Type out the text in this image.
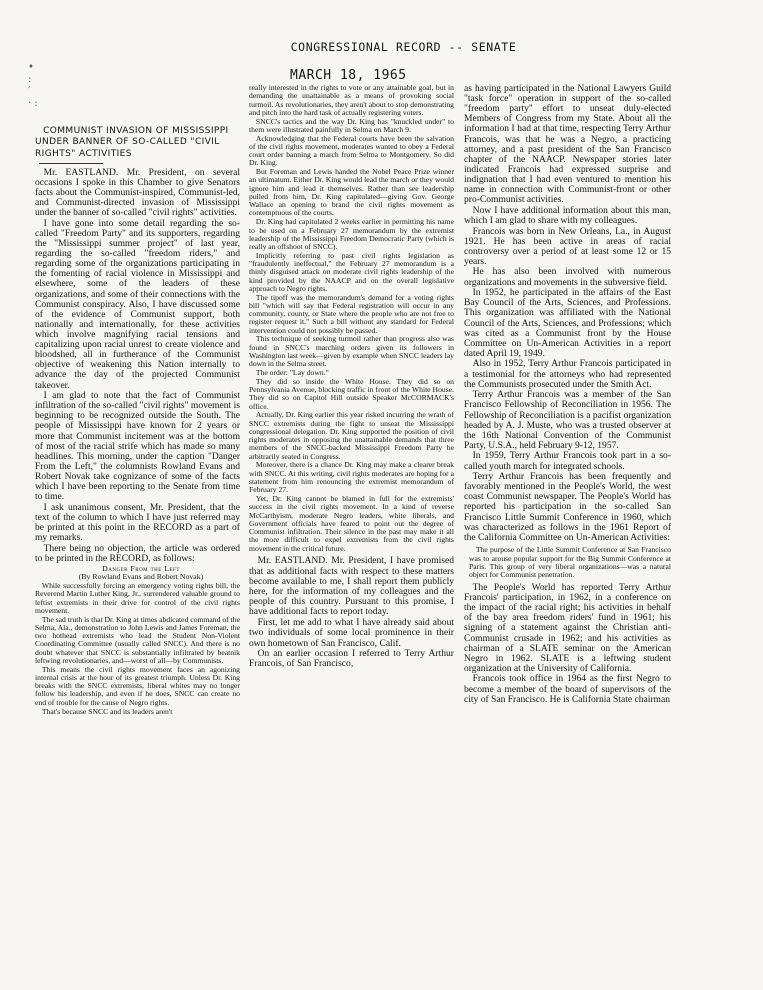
CONGRESSIONAL RECORD -- SENATE
MARCH 18, 1965
•
:
′
· :

COMMUNIST INVASION OF MISSISSIPPI UNDER BANNER OF SO-CALLED "CIVIL RIGHTS" ACTIVITIES

Mr. EASTLAND. Mr. President, on several occasions I spoke in this Chamber to give Senators facts about the Communist-inspired, Communist-led, and Communist-directed invasion of Mississippi under the banner of so-called "civil rights" activities.

I have gone into some detail regarding the so-called "Freedom Party" and its supporters, regarding the "Mississippi summer project" of last year, regarding the so-called "freedom riders," and regarding some of the organizations participating in the fomenting of racial violence in Mississippi and elsewhere, some of the leaders of these organizations, and some of their connections with the Communist conspiracy. Also, I have discussed some of the evidence of Communist support, both nationally and internationally, for these activities which involve magnifying racial tensions and capitalizing upon racial unrest to create violence and bloodshed, all in furtherance of the Communist objective of weakening this Nation internally to advance the day of the projected Communist takeover.

I am glad to note that the fact of Communist infiltration of the so-called "civil rights" movement is beginning to be recognized outside the South. The people of Mississippi have known for 2 years or more that Communist incitement was at the bottom of most of the racial strife which has made so many headlines. This morning, under the caption "Danger From the Left," the columnists Rowland Evans and Robert Novak take cognizance of some of the facts which I have been reporting to the Senate from time to time.

I ask unanimous consent, Mr. President, that the text of the column to which I have just referred may be printed at this point in the RECORD as a part of my remarks.

There being no objection, the article was ordered to be printed in the RECORD, as follows:

Danger From the Left

(By Rowland Evans and Robert Novak)

While successfully forcing an emergency voting rights bill, the Reverend Martin Luther King, Jr., surrendered valuable ground to leftist extremists in their drive for control of the civil rights movement.

The sad truth is that Dr. King at times abdicated command of the Selma, Ala., demonstration to John Lewis and James Foreman, the two hothead extremists who lead the Student Non-Violent Coordinating Committee (usually called SNCC). And there is no doubt whatever that SNCC is substantially infiltrated by beatnik leftwing revolutionaries, and—worst of all—by Communists.

This means the civil rights movement faces an agonizing internal crisis at the hour of its greatest triumph. Unless Dr. King breaks with the SNCC extremists, liberal whites may no longer follow his leadership, and even if he does, SNCC can create no end of trouble for the cause of Negro rights.

That's because SNCC and its leaders aren't

really interested in the rights to vote or any attainable goal, but in demanding the unattainable as a means of provoking social turmoil. As revolutionaries, they aren't about to stop demonstrating and pitch into the hard task of actually registering voters.

SNCC's tactics and the way Dr. King has "knuckled under" to them were illustrated painfully in Selma on March 9.

Acknowledging that the Federal courts have been the salvation of the civil rights movement, moderates wanted to obey a Federal court order banning a march from Selma to Montgomery. So did Dr. King.

But Foreman and Lewis handed the Nobel Peace Prize winner an ultimatum. Either Dr. King would lead the march or they would ignore him and lead it themselves. Rather than see leadership pulled from him, Dr. King capitulated—giving Gov. George Wallace an opening to brand the civil rights movement as contemptuous of the courts.

Dr. King had capitulated 2 weeks earlier in permitting his name to be used on a February 27 memorandum by the extremist leadership of the Mississippi Freedom Democratic Party (which is really an offshoot of SNCC).

Implicitly referring to past civil rights legislation as "fraudulently ineffectual," the February 27 memorandum is a thinly disguised attack on moderate civil rights leadership of the kind provided by the NAACP and on the overall legislative approach to Negro rights.

The tipoff was the memorandum's demand for a voting rights bill "which will say that Federal registration will occur in any community, county, or State where the people who are not free to register request it." Such a bill without any standard for Federal intervention could not possibly be passed.

This technique of seeking turmoil rather than progress also was found in SNCC's marching orders given its followers in Washington last week—given by example when SNCC leaders lay down in the Selma street.

The order: "Lay down."

They did so inside the White House. They did so on Pennsylvania Avenue, blocking traffic in front of the White House. They did so on Capitol Hill outside Speaker McCORMACK's office.

Actually, Dr. King earlier this year risked incurring the wrath of SNCC extremists during the fight to unseat the Mississippi congressional delegation. Dr. King supported the position of civil rights moderates in opposing the unattainable demands that three members of the SNCC-backed Mississippi Freedom Party be arbitrarily seated in Congress.

Moreover, there is a chance Dr. King may make a clearer break with SNCC. At this writing, civil rights moderates are hoping for a statement from him renouncing the extremist memorandum of February 27.

Yet, Dr. King cannot be blamed in full for the extremists' success in the civil rights movement. In a kind of reverse McCarthyism, moderate Negro leaders, white liberals, and Government officials have feared to point out the degree of Communist infiltration. Their silence in the past may make it all the more difficult to expel extremists from the civil rights movement in the critical future.

Mr. EASTLAND. Mr. President, I have promised that as additional facts with respect to these matters become available to me, I shall report them publicly here, for the information of my colleagues and the people of this country. Pursuant to this promise, I have additional facts to report today.

First, let me add to what I have already said about two individuals of some local prominence in their own hometown of San Francisco, Calif.

On an earlier occasion I referred to Terry Arthur Francois, of San Francisco,

as having participated in the National Lawyers Guild "task force" operation in support of the so-called "freedom party" effort to unseat duly-elected Members of Congress from my State. About all the information I had at that time, respecting Terry Arthur Francois, was that he was a Negro, a practicing attorney, and a past president of the San Francisco chapter of the NAACP. Newspaper stories later indicated Francois had expressed surprise and indignation that I had even ventured to mention his name in connection with Communist-front or other pro-Communist activities.

Now I have additional information about this man, which I am glad to share with my colleagues.

Francois was born in New Orleans, La., in August 1921. He has been active in areas of racial controversy over a period of at least some 12 or 15 years.

He has also been involved with numerous organizations and movements in the subversive field.

In 1952, he participated in the affairs of the East Bay Council of the Arts, Sciences, and Professions. This organization was affiliated with the National Council of the Arts, Sciences, and Professions; which was cited as a Communist front by the House Committee on Un-American Activities in a report dated April 19, 1949.

Also in 1952, Terry Arthur Francois participated in a testimonial for the attorneys who had represented the Communists prosecuted under the Smith Act.

Terry Arthur Francois was a member of the San Francisco Fellowship of Reconciliation in 1956. The Fellowship of Reconciliation is a pacifist organization headed by A. J. Muste, who was a trusted observer at the 16th National Convention of the Communist Party, U.S.A., held February 9-12, 1957.

In 1959, Terry Arthur Francois took part in a so-called youth march for integrated schools.

Terry Arthur Francois has been frequently and favorably mentioned in the People's World, the west coast Communist newspaper. The People's World has reported his participation in the so-called San Francisco Little Summit Conference in 1960, which was characterized as follows in the 1961 Report of the California Committee on Un-American Activities:

The purpose of the Little Summit Conference at San Francisco was to arouse popular support for the Big Summit Conference at Paris. This group of very liberal organizations—was a natural object for Communist penetration.

The People's World has reported Terry Arthur Francois' participation, in 1962, in a conference on the impact of the racial right; his activities in behalf of the bay area freedom riders' fund in 1961; his signing of a statement against the Christian anti-Communist crusade in 1962; and his activities as chairman of a SLATE seminar on the American Negro in 1962. SLATE is a leftwing student organization at the University of California.

Francois took office in 1964 as the first Negro to become a member of the board of supervisors of the city of San Francisco. He is California State chairman
